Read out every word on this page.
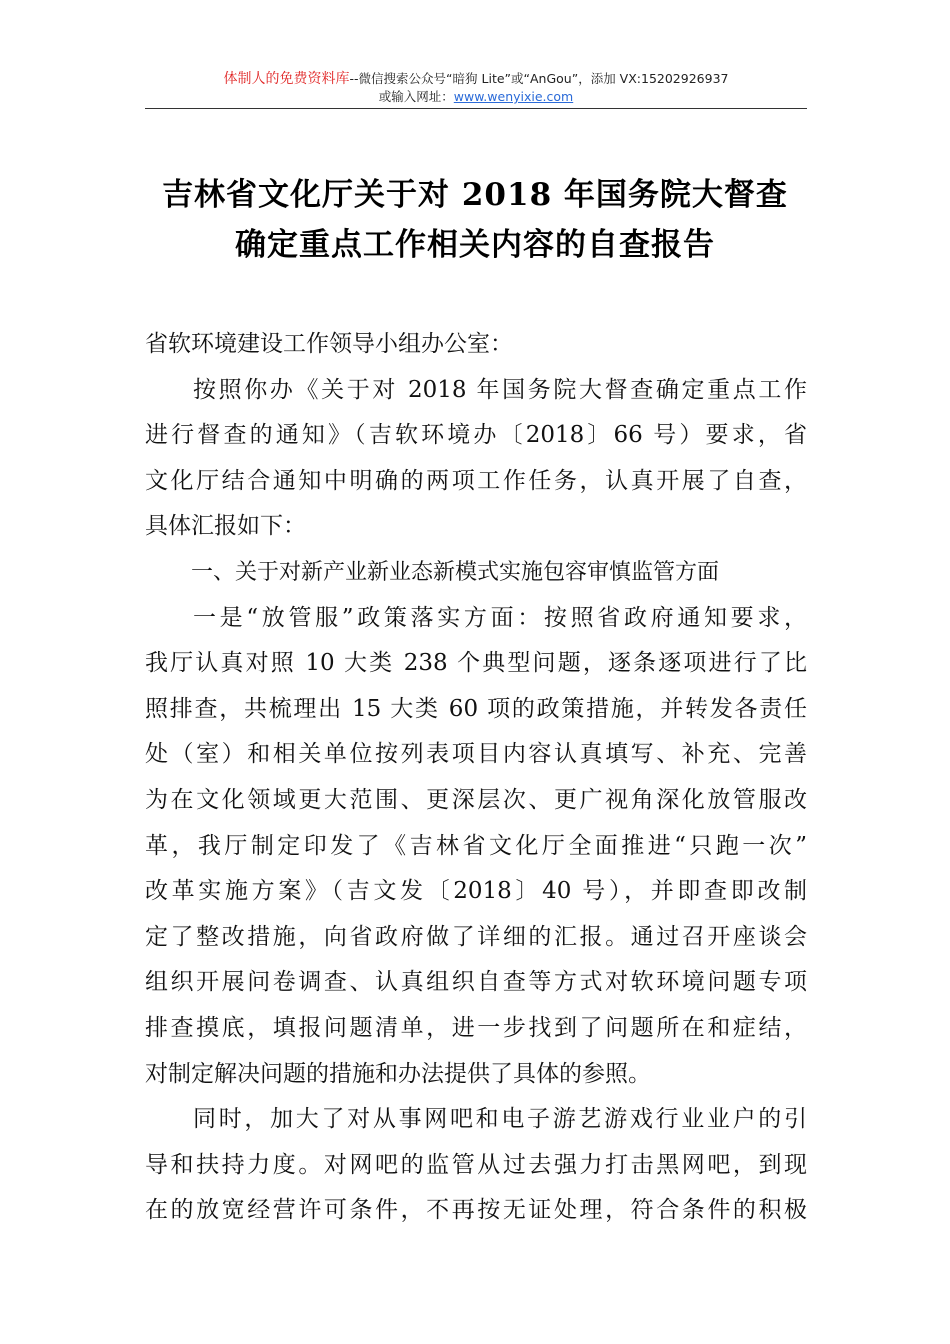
体制人的免费资料库--微信搜索公众号“暗狗 Lite”或“AnGou”，添加 VX:15202926937
或输入网址：www.wenyixie.com
吉林省文化厅关于对 2018 年国务院大督查
确定重点工作相关内容的自查报告
省软环境建设工作领导小组办公室：
按照你办《关于对 2018 年国务院大督查确定重点工作
进行督查的通知》（吉软环境办〔2018〕66 号）要求，省
文化厅结合通知中明确的两项工作任务，认真开展了自查，
具体汇报如下：
一、关于对新产业新业态新模式实施包容审慎监管方面
一是“放管服”政策落实方面：按照省政府通知要求，
我厅认真对照 10 大类 238 个典型问题，逐条逐项进行了比
照排查，共梳理出 15 大类 60 项的政策措施，并转发各责任
处（室）和相关单位按列表项目内容认真填写、补充、完善
为在文化领域更大范围、更深层次、更广视角深化放管服改
革，我厅制定印发了《吉林省文化厅全面推进“只跑一次”
改革实施方案》（吉文发〔2018〕40 号），并即查即改制
定了整改措施，向省政府做了详细的汇报。通过召开座谈会
组织开展问卷调查、认真组织自查等方式对软环境问题专项
排查摸底，填报问题清单，进一步找到了问题所在和症结，
对制定解决问题的措施和办法提供了具体的参照。
同时，加大了对从事网吧和电子游艺游戏行业业户的引
导和扶持力度。对网吧的监管从过去强力打击黑网吧，到现
在的放宽经营许可条件，不再按无证处理，符合条件的积极
